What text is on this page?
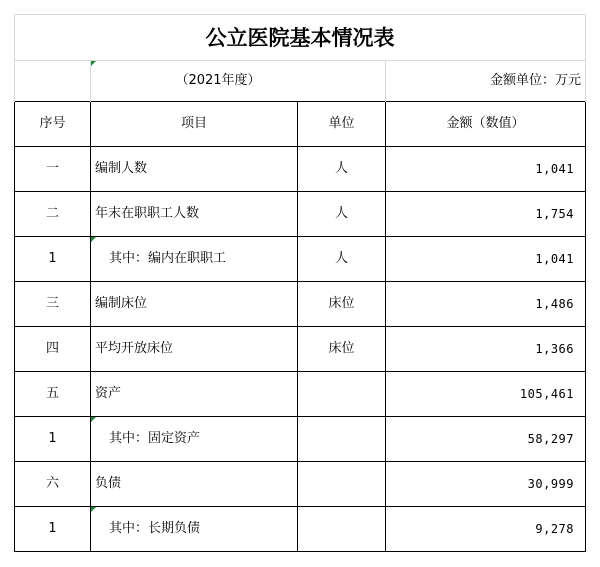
公立医院基本情况表			

（2021年度）		金额单位：万元
序号	项目	单位	金额（数值）
一	编制人数	人	1,041
二	年末在职职工人数	人	1,754
1	其中：编内在职职工	人	1,041
三	编制床位	床位	1,486
四	平均开放床位	床位	1,366
五	资产		105,461
1	其中：固定资产		58,297
六	负债		30,999
1	其中：长期负债		9,278
